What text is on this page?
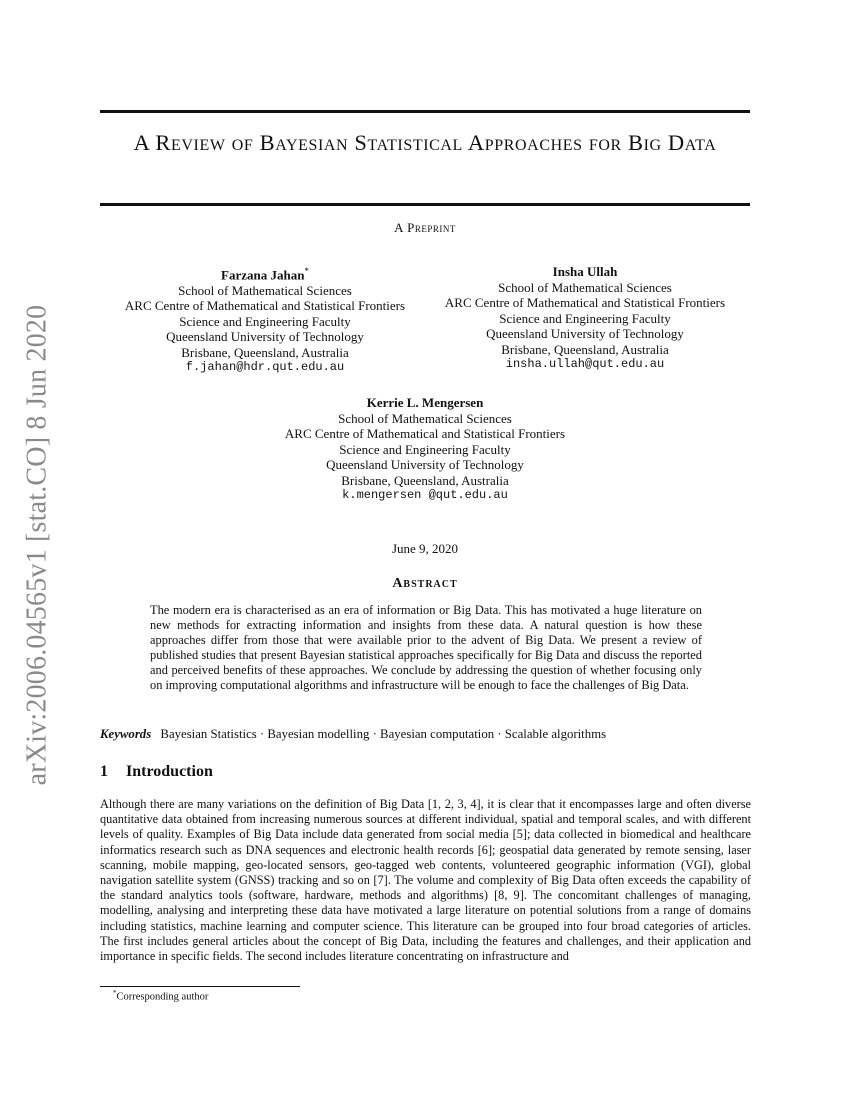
arXiv:2006.04565v1 [stat.CO] 8 Jun 2020
A Review of Bayesian Statistical Approaches for Big Data
A Preprint
Farzana Jahan*
School of Mathematical Sciences
ARC Centre of Mathematical and Statistical Frontiers
Science and Engineering Faculty
Queensland University of Technology
Brisbane, Queensland, Australia
f.jahan@hdr.qut.edu.au
Insha Ullah
School of Mathematical Sciences
ARC Centre of Mathematical and Statistical Frontiers
Science and Engineering Faculty
Queensland University of Technology
Brisbane, Queensland, Australia
insha.ullah@qut.edu.au
Kerrie L. Mengersen
School of Mathematical Sciences
ARC Centre of Mathematical and Statistical Frontiers
Science and Engineering Faculty
Queensland University of Technology
Brisbane, Queensland, Australia
k.mengersen @qut.edu.au
June 9, 2020
Abstract

The modern era is characterised as an era of information or Big Data. This has motivated a huge literature on new methods for extracting information and insights from these data. A natural question is how these approaches differ from those that were available prior to the advent of Big Data. We present a review of published studies that present Bayesian statistical approaches specifically for Big Data and discuss the reported and perceived benefits of these approaches. We conclude by addressing the question of whether focusing only on improving computational algorithms and infrastructure will be enough to face the challenges of Big Data.

Keywords Bayesian Statistics · Bayesian modelling · Bayesian computation · Scalable algorithms
1 Introduction

Although there are many variations on the definition of Big Data [1, 2, 3, 4], it is clear that it encompasses large and often diverse quantitative data obtained from increasing numerous sources at different individual, spatial and temporal scales, and with different levels of quality. Examples of Big Data include data generated from social media [5]; data collected in biomedical and healthcare informatics research such as DNA sequences and electronic health records [6]; geospatial data generated by remote sensing, laser scanning, mobile mapping, geo-located sensors, geo-tagged web contents, volunteered geographic information (VGI), global navigation satellite system (GNSS) tracking and so on [7]. The volume and complexity of Big Data often exceeds the capability of the standard analytics tools (software, hardware, methods and algorithms) [8, 9]. The concomitant challenges of managing, modelling, analysing and interpreting these data have motivated a large literature on potential solutions from a range of domains including statistics, machine learning and computer science. This literature can be grouped into four broad categories of articles. The first includes general articles about the concept of Big Data, including the features and challenges, and their application and importance in specific fields. The second includes literature concentrating on infrastructure and

*Corresponding author
